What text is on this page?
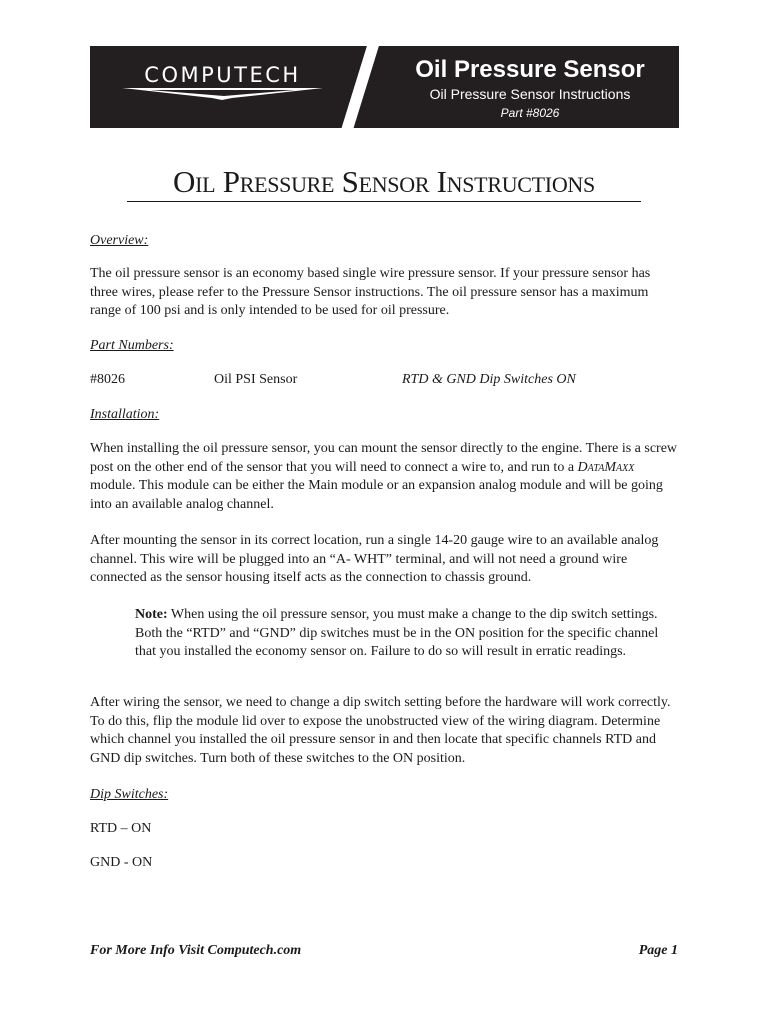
COMPUTECH	Oil Pressure Sensor
Oil Pressure Sensor Instructions
Part #8026
Oil Pressure Sensor Instructions
Overview:
The oil pressure sensor is an economy based single wire pressure sensor. If your pressure sensor has three wires, please refer to the Pressure Sensor instructions. The oil pressure sensor has a maximum range of 100 psi and is only intended to be used for oil pressure.
Part Numbers:
#8026	Oil PSI Sensor	RTD & GND Dip Switches ON
Installation:
When installing the oil pressure sensor, you can mount the sensor directly to the engine. There is a screw post on the other end of the sensor that you will need to connect a wire to, and run to a DataMaxx module. This module can be either the Main module or an expansion analog module and will be going into an available analog channel.
After mounting the sensor in its correct location, run a single 14-20 gauge wire to an available analog channel. This wire will be plugged into an “A- WHT” terminal, and will not need a ground wire connected as the sensor housing itself acts as the connection to chassis ground.
Note: When using the oil pressure sensor, you must make a change to the dip switch settings. Both the “RTD” and “GND” dip switches must be in the ON position for the specific channel that you installed the economy sensor on. Failure to do so will result in erratic readings.
After wiring the sensor, we need to change a dip switch setting before the hardware will work correctly. To do this, flip the module lid over to expose the unobstructed view of the wiring diagram. Determine which channel you installed the oil pressure sensor in and then locate that specific channels RTD and GND dip switches. Turn both of these switches to the ON position.
Dip Switches:
RTD – ON
GND - ON
For More Info Visit Computech.com	Page 1
